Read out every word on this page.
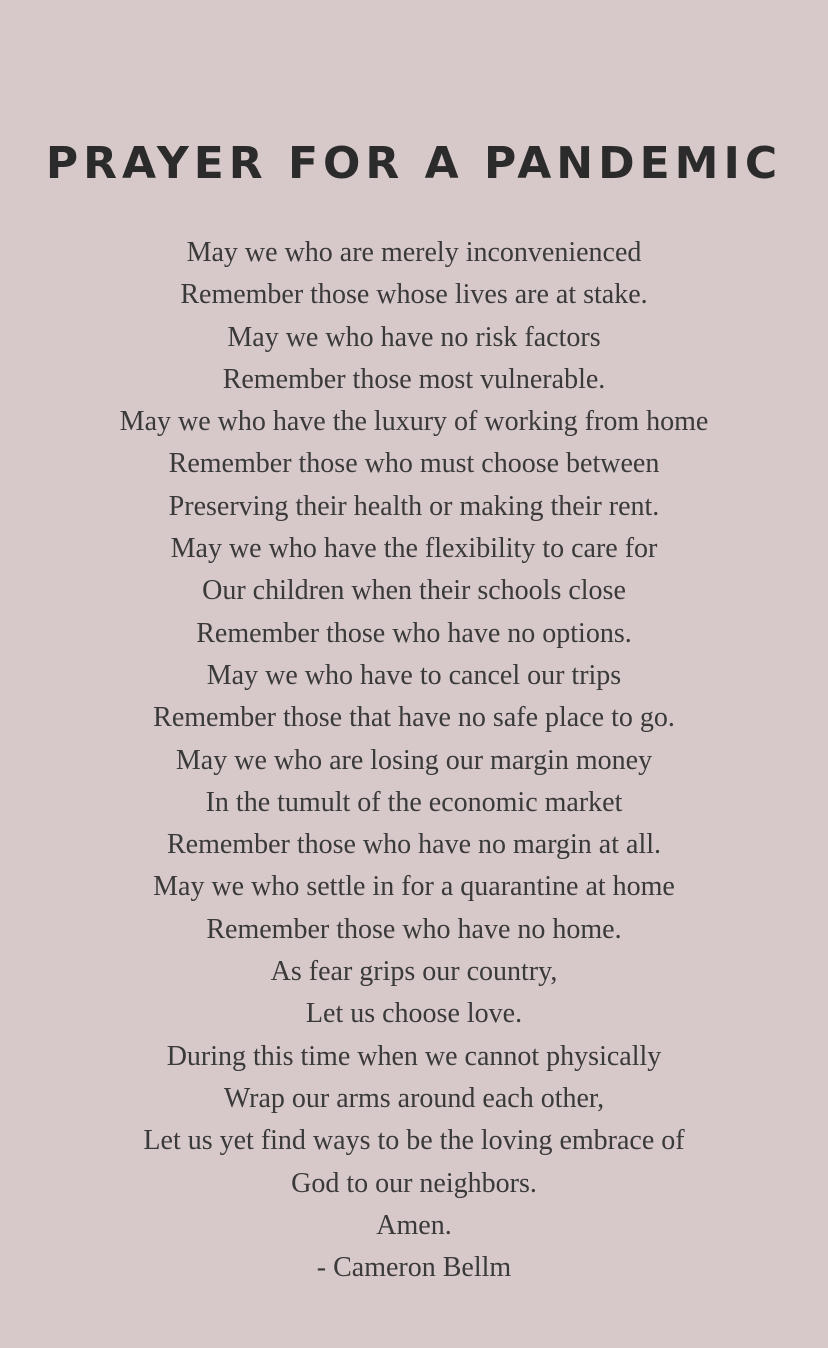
PRAYER FOR A PANDEMIC
May we who are merely inconvenienced
Remember those whose lives are at stake.
May we who have no risk factors
Remember those most vulnerable.
May we who have the luxury of working from home
Remember those who must choose between
Preserving their health or making their rent.
May we who have the flexibility to care for
Our children when their schools close
Remember those who have no options.
May we who have to cancel our trips
Remember those that have no safe place to go.
May we who are losing our margin money
In the tumult of the economic market
Remember those who have no margin at all.
May we who settle in for a quarantine at home
Remember those who have no home.
As fear grips our country,
Let us choose love.
During this time when we cannot physically
Wrap our arms around each other,
Let us yet find ways to be the loving embrace of
God to our neighbors.
Amen.
- Cameron Bellm
